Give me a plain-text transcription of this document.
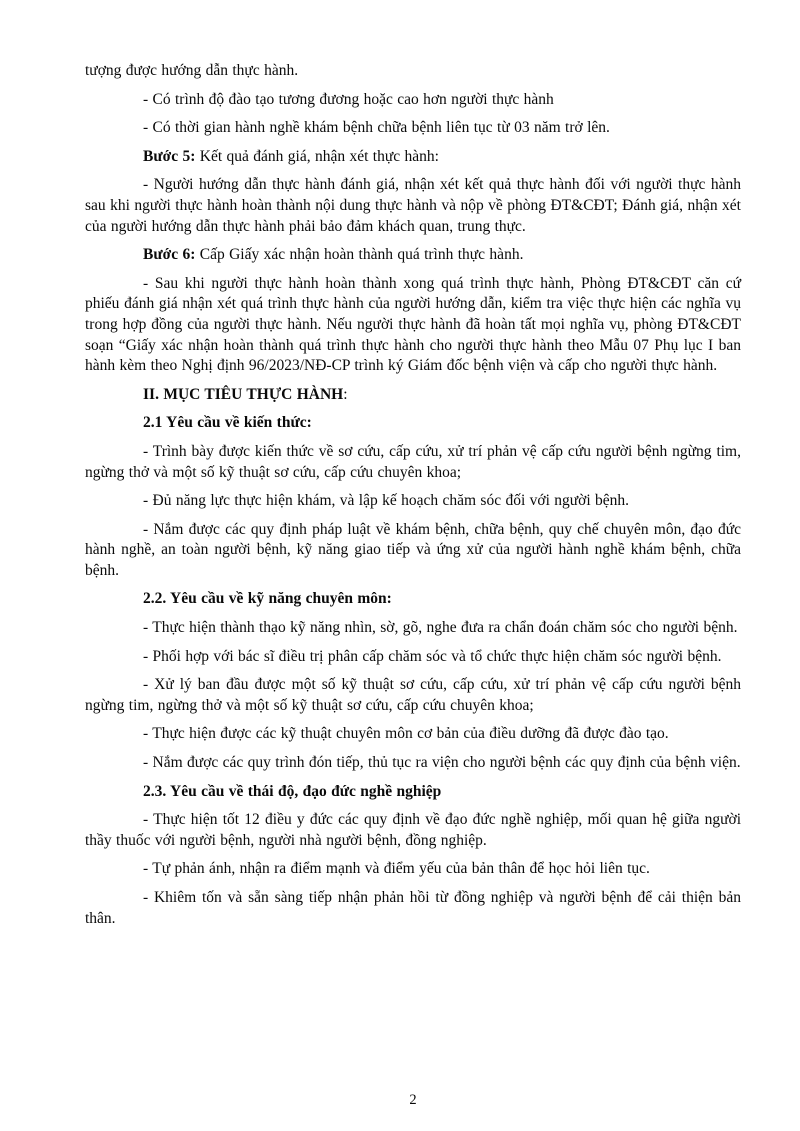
tượng được hướng dẫn thực hành.

- Có trình độ đào tạo tương đương hoặc cao hơn người thực hành

- Có thời gian hành nghề khám bệnh chữa bệnh liên tục từ 03 năm trở lên.

Bước 5: Kết quả đánh giá, nhận xét thực hành:

- Người hướng dẫn thực hành đánh giá, nhận xét kết quả thực hành đối với người thực hành sau khi người thực hành hoàn thành nội dung thực hành và nộp về phòng ĐT&CĐT; Đánh giá, nhận xét của người hướng dẫn thực hành phải bảo đảm khách quan, trung thực.

Bước 6: Cấp Giấy xác nhận hoàn thành quá trình thực hành.

- Sau khi người thực hành hoàn thành xong quá trình thực hành, Phòng ĐT&CĐT căn cứ phiếu đánh giá nhận xét quá trình thực hành của người hướng dẫn, kiểm tra việc thực hiện các nghĩa vụ trong hợp đồng của người thực hành. Nếu người thực hành đã hoàn tất mọi nghĩa vụ, phòng ĐT&CĐT soạn “Giấy xác nhận hoàn thành quá trình thực hành cho người thực hành theo Mẫu 07 Phụ lục I ban hành kèm theo Nghị định 96/2023/NĐ-CP trình ký Giám đốc bệnh viện và cấp cho người thực hành.

II. MỤC TIÊU THỰC HÀNH:

2.1 Yêu cầu về kiến thức:

- Trình bày được kiến thức về sơ cứu, cấp cứu, xử trí phản vệ cấp cứu người bệnh ngừng tim, ngừng thở và một số kỹ thuật sơ cứu, cấp cứu chuyên khoa;

- Đủ năng lực thực hiện khám, và lập kế hoạch chăm sóc đối với người bệnh.

- Nắm được các quy định pháp luật về khám bệnh, chữa bệnh, quy chế chuyên môn, đạo đức hành nghề, an toàn người bệnh, kỹ năng giao tiếp và ứng xử của người hành nghề khám bệnh, chữa bệnh.

2.2. Yêu cầu về kỹ năng chuyên môn:

- Thực hiện thành thạo kỹ năng nhìn, sờ, gõ, nghe đưa ra chẩn đoán chăm sóc cho người bệnh.

- Phối hợp với bác sĩ điều trị phân cấp chăm sóc và tổ chức thực hiện chăm sóc người bệnh.

- Xử lý ban đầu được một số kỹ thuật sơ cứu, cấp cứu, xử trí phản vệ cấp cứu người bệnh ngừng tim, ngừng thở và một số kỹ thuật sơ cứu, cấp cứu chuyên khoa;

- Thực hiện được các kỹ thuật chuyên môn cơ bản của điều dưỡng đã được đào tạo.

- Nắm được các quy trình đón tiếp, thủ tục ra viện cho người bệnh các quy định của bệnh viện.

2.3. Yêu cầu về thái độ, đạo đức nghề nghiệp

- Thực hiện tốt 12 điều y đức các quy định về đạo đức nghề nghiệp, mối quan hệ giữa người thầy thuốc với người bệnh, người nhà người bệnh, đồng nghiệp.

- Tự phản ánh, nhận ra điểm mạnh và điểm yếu của bản thân để học hỏi liên tục.

- Khiêm tốn và sẵn sàng tiếp nhận phản hồi từ đồng nghiệp và người bệnh để cải thiện bản thân.

2
